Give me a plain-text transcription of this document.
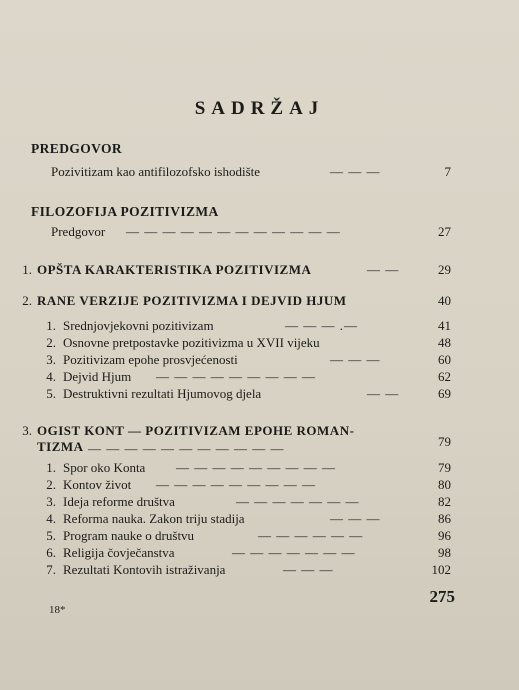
SADRŽAJ
PREDGOVOR
Pozivitizam kao antifilozofsko ishodište	— — —	7
FILOZOFIJA POZITIVIZMA
Predgovor — — — — — — — — — — — —	27
1. OPŠTA KARAKTERISTIKA POZITIVIZMA	— —	29
2. RANE VERZIJE POZITIVIZMA I DEJVID HJUM	40
1. Srednjovjekovni pozitivizam	— — — .—	41
2. Osnovne pretpostavke pozitivizma u XVII vijeku	48
3. Pozitivizam epohe prosvjećenosti	— — —	60
4. Dejvid Hjum — — — — — — — — —	62
5. Destruktivni rezultati Hjumovog djela	— —	69
3. OGIST KONT — POZITIVIZAM EPOHE ROMAN-
TIZMA — — — — — — — — — — —	79
1. Spor oko Konta — — — — — — — — —	79
2. Kontov život — — — — — — — — —	80
3. Ideja reforme društva	— — — — — — —	82
4. Reforma nauka. Zakon triju stadija	— — —	86
5. Program nauke o društvu	— — — — — —	96
6. Religija čovječanstva	— — — — — — —	98
7. Rezultati Kontovih istraživanja	— — —	102
18*
275
